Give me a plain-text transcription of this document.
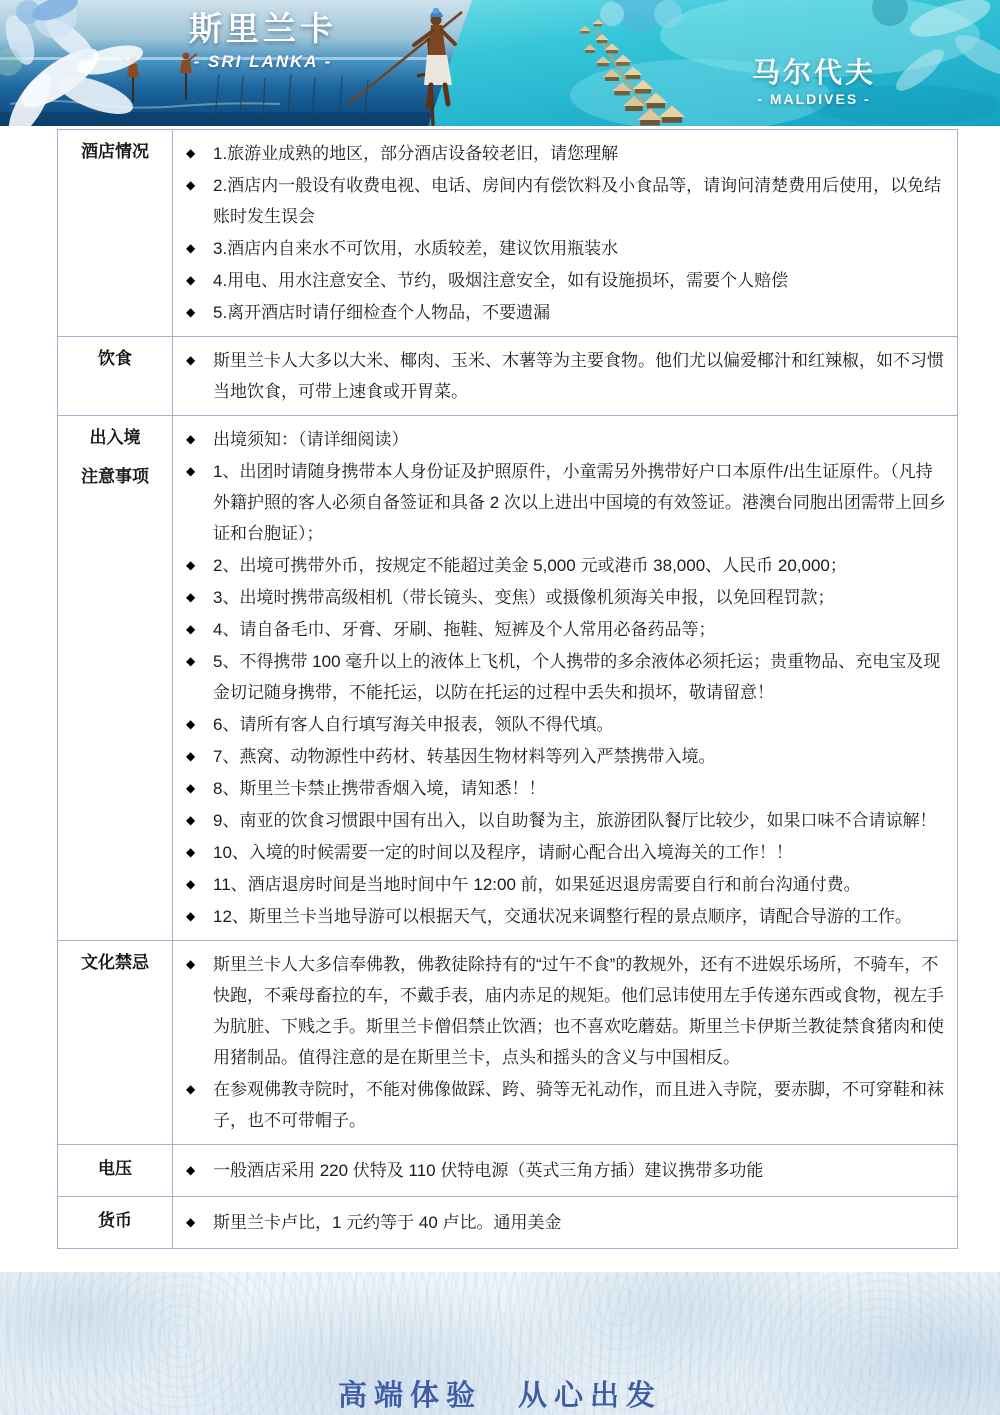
斯里兰卡
- SRI LANKA -	马尔代夫
- MALDIVES -
酒店情况	◆	1.旅游业成熟的地区，部分酒店设备较老旧，请您理解
◆	2.酒店内一般设有收费电视、电话、房间内有偿饮料及小食品等，请询问清楚费用后使用，以免结账时发生误会
◆	3.酒店内自来水不可饮用，水质较差，建议饮用瓶装水
◆	4.用电、用水注意安全、节约，吸烟注意安全，如有设施损坏，需要个人赔偿
◆	5.离开酒店时请仔细检查个人物品，不要遗漏

饮食	◆ 斯里兰卡人大多以大米、椰肉、玉米、木薯等为主要食物。他们尤以偏爱椰汁和红辣椒，如不习惯当地饮食，可带上速食或开胃菜。

出入境
注意事项

◆	出境须知：（请详细阅读）
◆	1、出团时请随身携带本人身份证及护照原件，小童需另外携带好户口本原件/出生证原件。（凡持外籍护照的客人必须自备签证和具备 2 次以上进出中国境的有效签证。港澳台同胞出团需带上回乡证和台胞证）；
◆	2、出境可携带外币，按规定不能超过美金 5,000 元或港币 38,000、人民币 20,000；
◆	3、出境时携带高级相机（带长镜头、变焦）或摄像机须海关申报，以免回程罚款；
◆	4、请自备毛巾、牙膏、牙刷、拖鞋、短裤及个人常用必备药品等；
◆	5、不得携带 100 毫升以上的液体上飞机，个人携带的多余液体必须托运；贵重物品、充电宝及现金切记随身携带，不能托运，以防在托运的过程中丢失和损坏，敬请留意！
◆	6、请所有客人自行填写海关申报表，领队不得代填。
◆	7、燕窝、动物源性中药材、转基因生物材料等列入严禁携带入境。
◆	8、斯里兰卡禁止携带香烟入境，请知悉！！
◆	9、南亚的饮食习惯跟中国有出入，以自助餐为主，旅游团队餐厅比较少，如果口味不合请谅解！
◆	10、入境的时候需要一定的时间以及程序，请耐心配合出入境海关的工作！！
◆	11、酒店退房时间是当地时间中午 12:00 前，如果延迟退房需要自行和前台沟通付费。
◆	12、斯里兰卡当地导游可以根据天气，交通状况来调整行程的景点顺序，请配合导游的工作。

文化禁忌	◆ 斯里兰卡人大多信奉佛教，佛教徒除持有的“过午不食”的教规外，还有不进娱乐场所，不骑车，不快跑，不乘母畜拉的车，不戴手表，庙内赤足的规矩。他们忌讳使用左手传递东西或食物，视左手为肮脏、下贱之手。斯里兰卡僧侣禁止饮酒；也不喜欢吃蘑菇。斯里兰卡伊斯兰教徒禁食猪肉和使用猪制品。值得注意的是在斯里兰卡，点头和摇头的含义与中国相反。
◆ 在参观佛教寺院时，不能对佛像做踩、跨、骑等无礼动作，而且进入寺院，要赤脚，不可穿鞋和袜子，也不可带帽子。

电压	◆ 一般酒店采用 220 伏特及 110 伏特电源（英式三角方插）建议携带多功能

货币	◆ 斯里兰卡卢比，1 元约等于 40 卢比。通用美金
高端体验　从心出发
